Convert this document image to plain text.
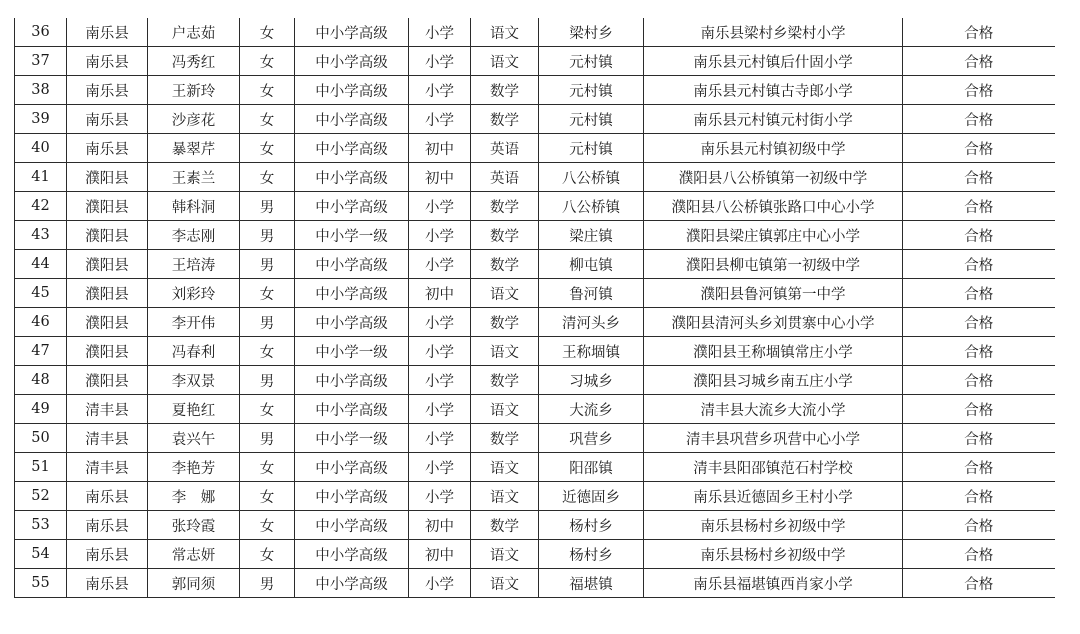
36	南乐县	户志茹	女	中小学高级	小学	语文	梁村乡	南乐县梁村乡梁村小学	合格
37	南乐县	冯秀红	女	中小学高级	小学	语文	元村镇	南乐县元村镇后什固小学	合格
38	南乐县	王新玲	女	中小学高级	小学	数学	元村镇	南乐县元村镇古寺郎小学	合格
39	南乐县	沙彦花	女	中小学高级	小学	数学	元村镇	南乐县元村镇元村街小学	合格
40	南乐县	暴翠芹	女	中小学高级	初中	英语	元村镇	南乐县元村镇初级中学	合格
41	濮阳县	王素兰	女	中小学高级	初中	英语	八公桥镇	濮阳县八公桥镇第一初级中学	合格
42	濮阳县	韩科洞	男	中小学高级	小学	数学	八公桥镇	濮阳县八公桥镇张路口中心小学	合格
43	濮阳县	李志刚	男	中小学一级	小学	数学	梁庄镇	濮阳县梁庄镇郭庄中心小学	合格
44	濮阳县	王培涛	男	中小学高级	小学	数学	柳屯镇	濮阳县柳屯镇第一初级中学	合格
45	濮阳县	刘彩玲	女	中小学高级	初中	语文	鲁河镇	濮阳县鲁河镇第一中学	合格
46	濮阳县	李开伟	男	中小学高级	小学	数学	清河头乡	濮阳县清河头乡刘贯寨中心小学	合格
47	濮阳县	冯春利	女	中小学一级	小学	语文	王称堌镇	濮阳县王称堌镇常庄小学	合格
48	濮阳县	李双景	男	中小学高级	小学	数学	习城乡	濮阳县习城乡南五庄小学	合格
49	清丰县	夏艳红	女	中小学高级	小学	语文	大流乡	清丰县大流乡大流小学	合格
50	清丰县	袁兴午	男	中小学一级	小学	数学	巩营乡	清丰县巩营乡巩营中心小学	合格
51	清丰县	李艳芳	女	中小学高级	小学	语文	阳邵镇	清丰县阳邵镇范石村学校	合格
52	南乐县	李　娜	女	中小学高级	小学	语文	近德固乡	南乐县近德固乡王村小学	合格
53	南乐县	张玲霞	女	中小学高级	初中	数学	杨村乡	南乐县杨村乡初级中学	合格
54	南乐县	常志妍	女	中小学高级	初中	语文	杨村乡	南乐县杨村乡初级中学	合格
55	南乐县	郭同须	男	中小学高级	小学	语文	福堪镇	南乐县福堪镇西肖家小学	合格
